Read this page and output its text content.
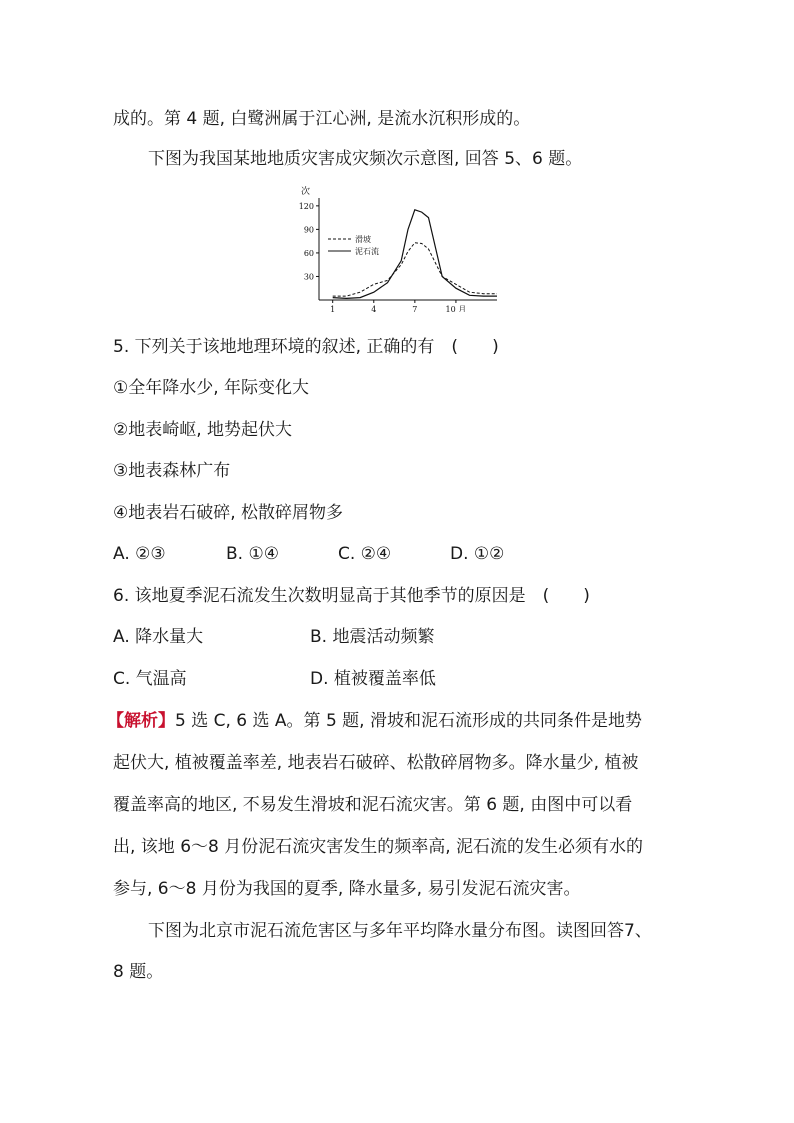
成的。第 4 题, 白鹭洲属于江心洲, 是流水沉积形成的。
下图为我国某地地质灾害成灾频次示意图, 回答 5、6 题。
次
30
60
90
120
1	4	7	10 月
滑坡
泥石流
5. 下列关于该地地理环境的叙述, 正确的有　(　　)
①全年降水少, 年际变化大
②地表崎岖, 地势起伏大
③地表森林广布
④地表岩石破碎, 松散碎屑物多
A. ②③	B. ①④	C. ②④	D. ①②
6. 该地夏季泥石流发生次数明显高于其他季节的原因是　(　　)
A. 降水量大	B. 地震活动频繁
C. 气温高	D. 植被覆盖率低
【解析】5 选 C, 6 选 A。第 5 题, 滑坡和泥石流形成的共同条件是地势
起伏大, 植被覆盖率差, 地表岩石破碎、松散碎屑物多。降水量少, 植被
覆盖率高的地区, 不易发生滑坡和泥石流灾害。第 6 题, 由图中可以看
出, 该地 6～8 月份泥石流灾害发生的频率高, 泥石流的发生必须有水的
参与, 6～8 月份为我国的夏季, 降水量多, 易引发泥石流灾害。
下图为北京市泥石流危害区与多年平均降水量分布图。读图回答7、
8 题。
